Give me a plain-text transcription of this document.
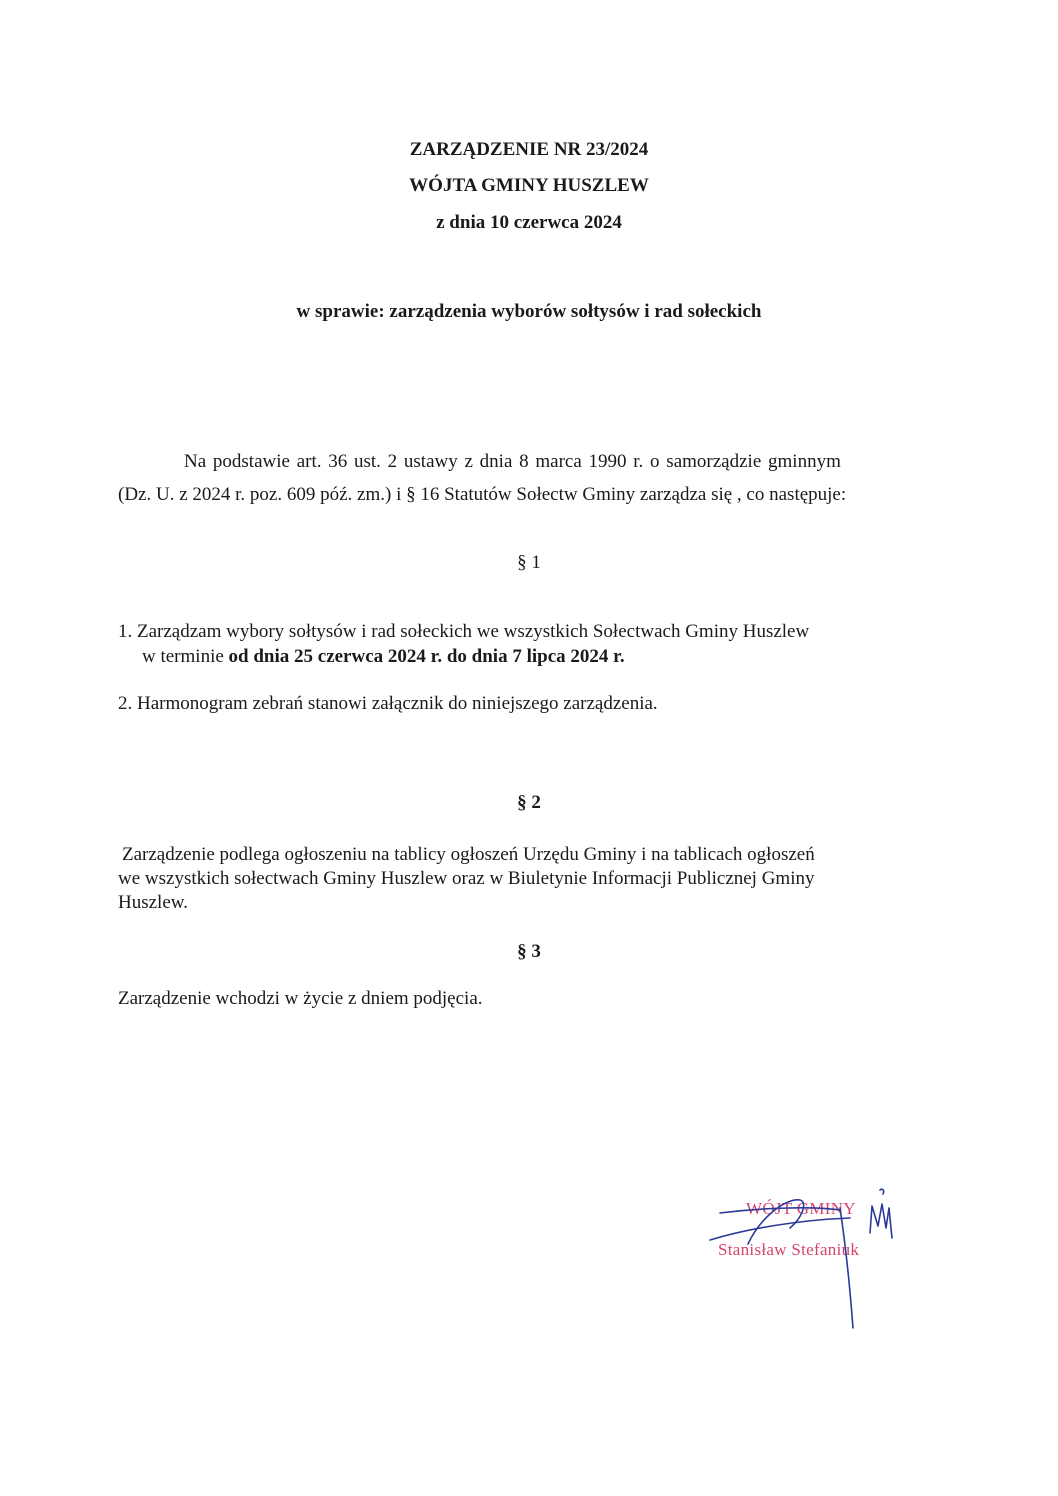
ZARZĄDZENIE NR 23/2024
WÓJTA GMINY HUSZLEW
z dnia 10 czerwca 2024
w sprawie: zarządzenia wyborów sołtysów i rad sołeckich
Na podstawie art. 36 ust. 2 ustawy z dnia 8 marca 1990 r. o samorządzie gminnym
(Dz. U. z 2024 r. poz. 609 póź. zm.) i § 16 Statutów Sołectw Gminy zarządza się , co następuje:
§ 1
1. Zarządzam wybory sołtysów i rad sołeckich we wszystkich Sołectwach Gminy Huszlew
w terminie od dnia 25 czerwca 2024 r. do dnia 7 lipca 2024 r.
2. Harmonogram zebrań stanowi załącznik do niniejszego zarządzenia.
§ 2
Zarządzenie podlega ogłoszeniu na tablicy ogłoszeń Urzędu Gminy i na tablicach ogłoszeń
we wszystkich sołectwach Gminy Huszlew oraz w Biuletynie Informacji Publicznej Gminy
Huszlew.
§ 3
Zarządzenie wchodzi w życie z dniem podjęcia.
WÓJT GMINY
Stanisław Stefaniuk
